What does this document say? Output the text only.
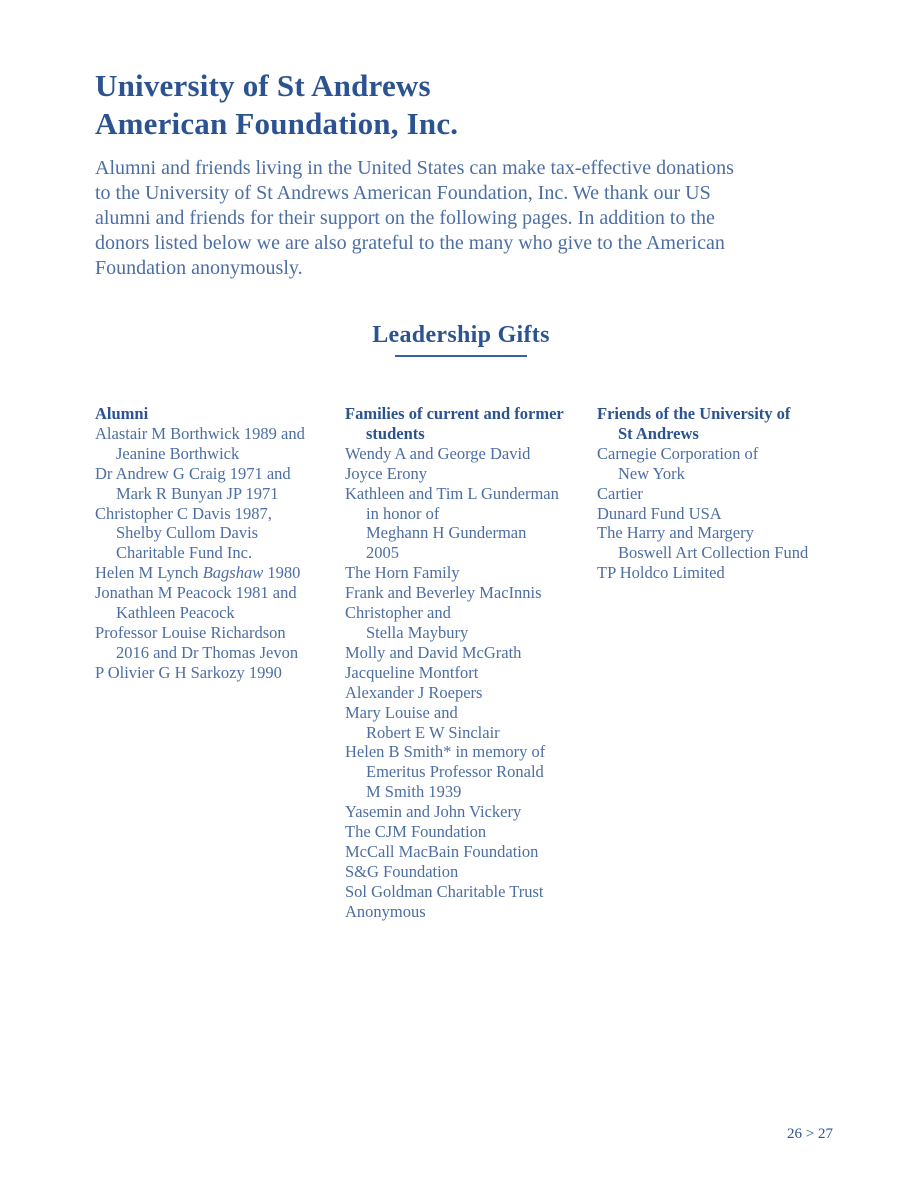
University of St Andrews
American Foundation, Inc.
Alumni and friends living in the United States can make tax-effective donations
to the University of St Andrews American Foundation, Inc. We thank our US
alumni and friends for their support on the following pages. In addition to the
donors listed below we are also grateful to the many who give to the American
Foundation anonymously.
Leadership Gifts
Alumni
Alastair M Borthwick 1989 and
Jeanine Borthwick
Dr Andrew G Craig 1971 and
Mark R Bunyan JP 1971
Christopher C Davis 1987,
Shelby Cullom Davis
Charitable Fund Inc.
Helen M Lynch Bagshaw 1980
Jonathan M Peacock 1981 and
Kathleen Peacock
Professor Louise Richardson
2016 and Dr Thomas Jevon
P Olivier G H Sarkozy 1990
Families of current and former
students
Wendy A and George David
Joyce Erony
Kathleen and Tim L Gunderman
in honor of
Meghann H Gunderman
2005
The Horn Family
Frank and Beverley MacInnis
Christopher and
Stella Maybury
Molly and David McGrath
Jacqueline Montfort
Alexander J Roepers
Mary Louise and
Robert E W Sinclair
Helen B Smith* in memory of
Emeritus Professor Ronald
M Smith 1939
Yasemin and John Vickery
The CJM Foundation
McCall MacBain Foundation
S&G Foundation
Sol Goldman Charitable Trust
Anonymous
Friends of the University of
St Andrews
Carnegie Corporation of
New York
Cartier
Dunard Fund USA
The Harry and Margery
Boswell Art Collection Fund
TP Holdco Limited
26 > 27
